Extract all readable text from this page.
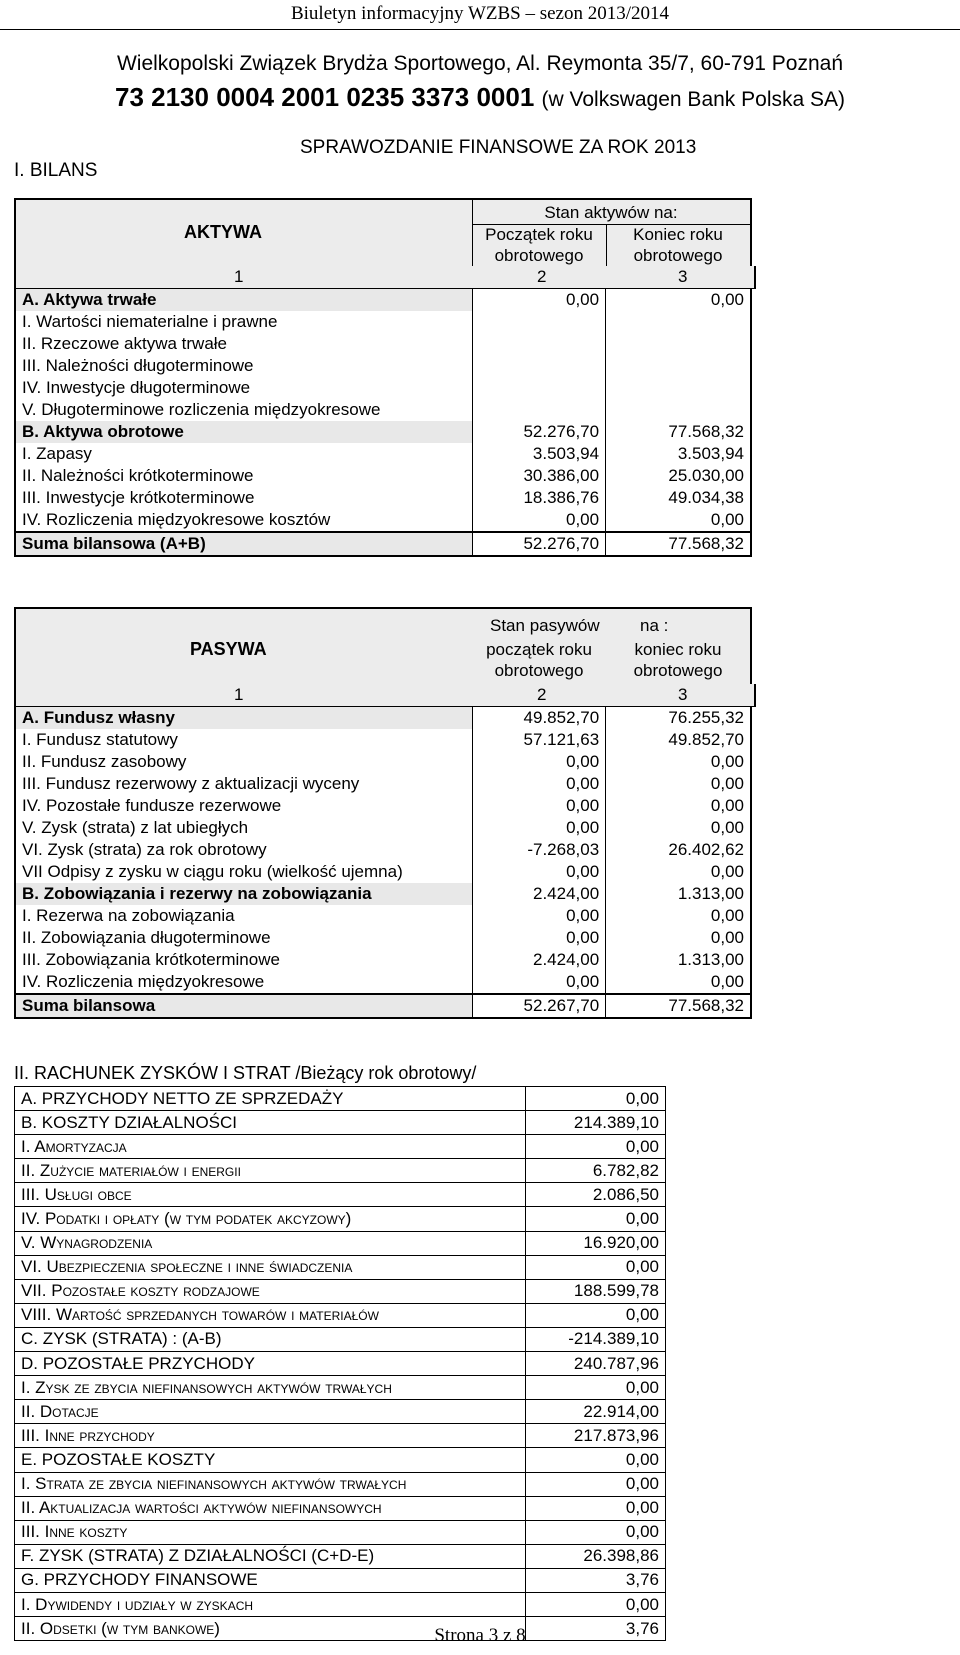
Biuletyn informacyjny WZBS – sezon 2013/2014
Wielkopolski Związek Brydża Sportowego, Al. Reymonta 35/7, 60-791 Poznań
73 2130 0004 2001 0235 3373 0001 (w Volkswagen Bank Polska SA)
SPRAWOZDANIE FINANSOWE ZA ROK 2013
I. BILANS
AKTYWA
Stan aktywów na:
Początek roku
obrotowego
Koniec roku
obrotowego
1	2	3
A. Aktywa trwałe	0,00	0,00
I. Wartości niematerialne i prawne		
II. Rzeczowe aktywa trwałe		
III. Należności długoterminowe		
IV. Inwestycje długoterminowe		
V. Długoterminowe rozliczenia międzyokresowe		
B. Aktywa obrotowe	52.276,70	77.568,32
I. Zapasy	3.503,94	3.503,94
II. Należności krótkoterminowe	30.386,00	25.030,00
III. Inwestycje krótkoterminowe	18.386,76	49.034,38
IV. Rozliczenia międzyokresowe kosztów	0,00	0,00
Suma bilansowa (A+B)	52.276,70	77.568,32
PASYWA
Stan pasywów na :
początek roku
obrotowego
koniec roku
obrotowego
1	2	3
A. Fundusz własny	49.852,70	76.255,32
I. Fundusz statutowy	57.121,63	49.852,70
II. Fundusz zasobowy	0,00	0,00
III. Fundusz rezerwowy z aktualizacji wyceny	0,00	0,00
IV. Pozostałe fundusze rezerwowe	0,00	0,00
V. Zysk (strata) z lat ubiegłych	0,00	0,00
VI. Zysk (strata) za rok obrotowy	-7.268,03	26.402,62
VII Odpisy z zysku w ciągu roku (wielkość ujemna)	0,00	0,00
B. Zobowiązania i rezerwy na zobowiązania	2.424,00	1.313,00
I. Rezerwa na zobowiązania	0,00	0,00
II. Zobowiązania długoterminowe	0,00	0,00
III. Zobowiązania krótkoterminowe	2.424,00	1.313,00
IV. Rozliczenia międzyokresowe	0,00	0,00
Suma bilansowa	52.267,70	77.568,32
II. RACHUNEK ZYSKÓW I STRAT /Bieżący rok obrotowy/
A. PRZYCHODY NETTO ZE SPRZEDAŻY	0,00
B. KOSZTY DZIAŁALNOŚCI	214.389,10
I. Amortyzacja	0,00
II. Zużycie materiałów i energii	6.782,82
III. Usługi obce	2.086,50
IV. Podatki i opłaty (w tym podatek akcyzowy)	0,00
V. Wynagrodzenia	16.920,00
VI. Ubezpieczenia społeczne i inne świadczenia	0,00
VII. Pozostałe koszty rodzajowe	188.599,78
VIII. Wartość sprzedanych towarów i materiałów	0,00
C. ZYSK (STRATA) : (A-B)	-214.389,10
D. POZOSTAŁE PRZYCHODY	240.787,96
I. Zysk ze zbycia niefinansowych aktywów trwałych	0,00
II. Dotacje	22.914,00
III. Inne przychody	217.873,96
E. POZOSTAŁE KOSZTY	0,00
I. Strata ze zbycia niefinansowych aktywów trwałych	0,00
II. Aktualizacja wartości aktywów niefinansowych	0,00
III. Inne koszty	0,00
F. ZYSK (STRATA) Z DZIAŁALNOŚCI (C+D-E)	26.398,86
G. PRZYCHODY FINANSOWE	3,76
I. Dywidendy i udziały w zyskach	0,00
II. Odsetki (w tym bankowe)	3,76
Strona 3 z 8
